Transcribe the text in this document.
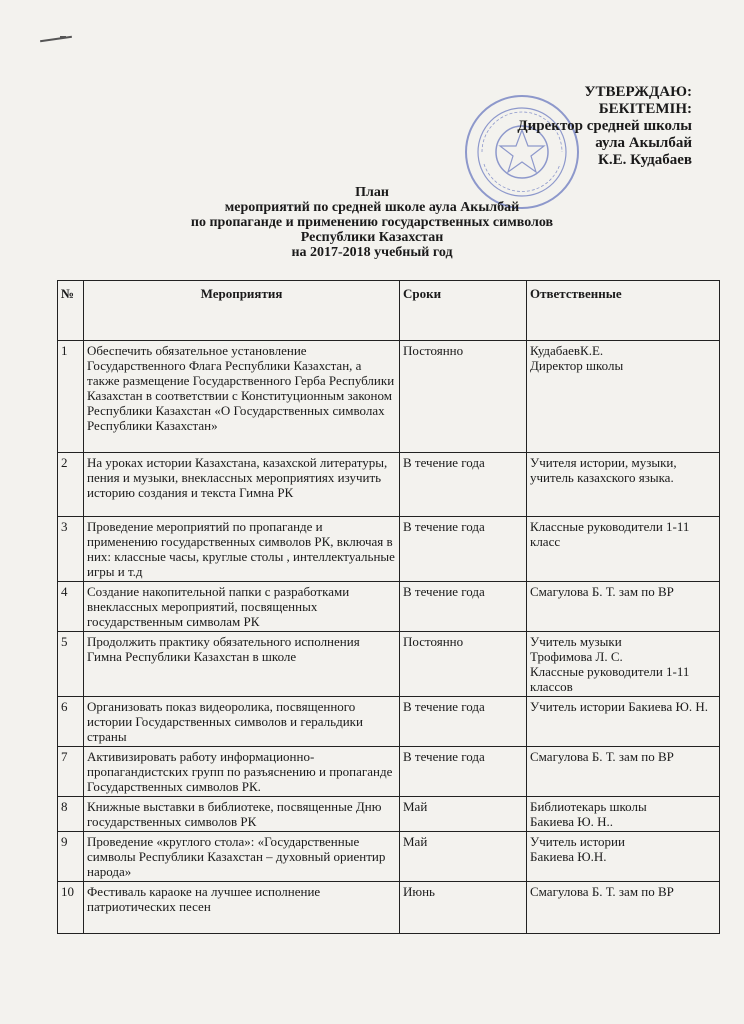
УТВЕРЖДАЮ:
БЕКІТЕМІН:
Директор средней школы
аула Акылбай
К.Е. Кудабаев
План
мероприятий по средней школе аула Акылбай
по пропаганде и применению государственных символов
Республики Казахстан
на 2017-2018 учебный год
№	Мероприятия	Сроки	Ответственные
1	Обеспечить обязательное установление Государственного Флага Республики Казахстан, а также размещение Государственного Герба Республики Казахстан в соответствии с Конституционным законом Республики Казахстан «О Государственных символах Республики Казахстан»	Постоянно	КудабаевК.Е.
Директор школы
2	На уроках истории Казахстана, казахской литературы, пения и музыки, внеклассных мероприятиях изучить историю создания и текста Гимна РК	В течение года	Учителя истории, музыки, учитель казахского языка.
3	Проведение мероприятий по пропаганде и применению государственных символов РК, включая в них: классные часы, круглые столы , интеллектуальные игры и т.д	В течение года	Классные руководители 1-11 класс
4	Создание накопительной папки с разработками внеклассных мероприятий, посвященных государственным символам РК	В течение года	Смагулова Б. Т. зам по ВР
5	Продолжить практику обязательного исполнения Гимна Республики Казахстан в школе	Постоянно	Учитель музыки
Трофимова Л. С.
Классные руководители 1-11 классов
6	Организовать показ видеоролика, посвященного истории Государственных символов и геральдики страны	В течение года	Учитель истории Бакиева Ю. Н.
7	Активизировать работу информационно-пропагандистских групп по разъяснению и пропаганде Государственных символов РК.	В течение года	Смагулова Б. Т. зам по ВР
8	Книжные выставки в библиотеке, посвященные Дню государственных символов РК	Май	Библиотекарь школы
Бакиева Ю. Н..
9	Проведение «круглого стола»: «Государственные символы Республики Казахстан – духовный ориентир народа»	Май	Учитель истории
Бакиева Ю.Н.
10	Фестиваль караоке на лучшее исполнение патриотических песен	Июнь	Смагулова Б. Т. зам по ВР
